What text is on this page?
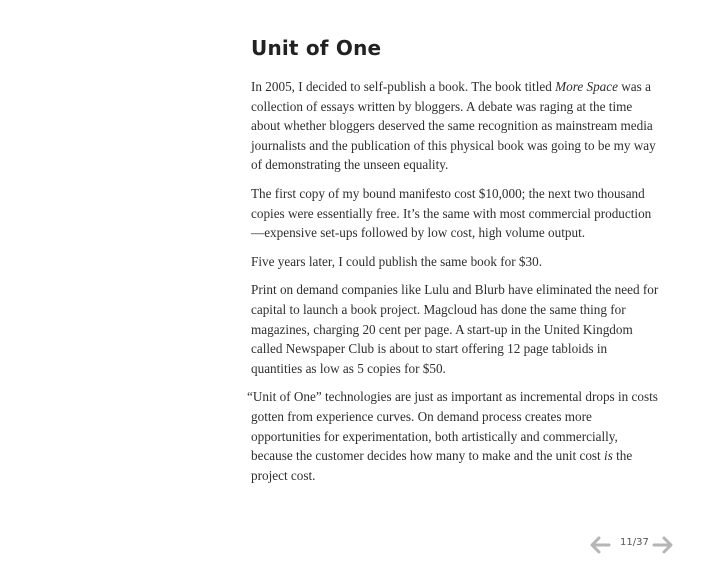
Unit of One

In 2005, I decided to self-publish a book. The book titled More Space was a collection of essays written by bloggers. A debate was raging at the time about whether bloggers deserved the same recognition as mainstream media journalists and the publication of this physical book was going to be my way of demonstrating the unseen equality.

The first copy of my bound manifesto cost $10,000; the next two thousand copies were essentially free. It’s the same with most commercial production—expensive set-ups followed by low cost, high volume output.

Five years later, I could publish the same book for $30.

Print on demand companies like Lulu and Blurb have eliminated the need for capital to launch a book project. Magcloud has done the same thing for magazines, charging 20 cent per page. A start-up in the United Kingdom called Newspaper Club is about to start offering 12 page tabloids in quantities as low as 5 copies for $50.

“Unit of One” technologies are just as important as incremental drops in costs gotten from experience curves. On demand process creates more opportunities for experimentation, both artistically and commercially, because the customer decides how many to make and the unit cost is the project cost.

11/37
